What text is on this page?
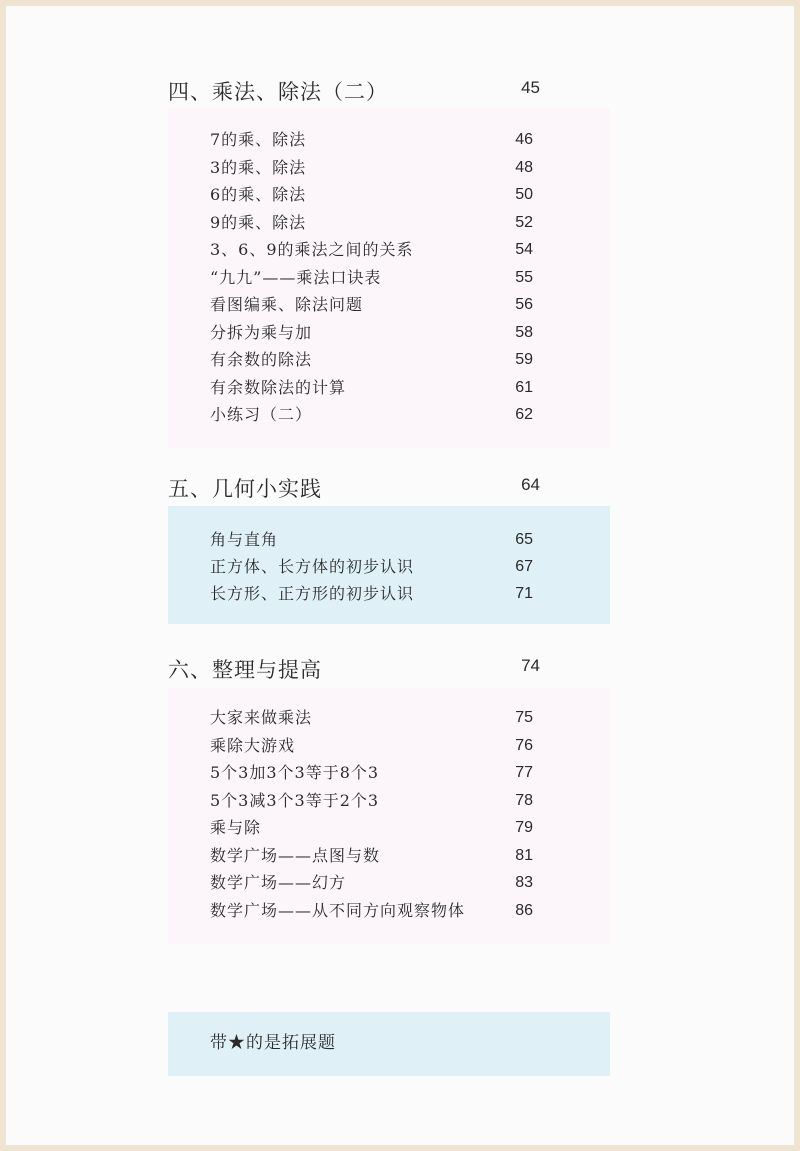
四、乘法、除法（二）	45
7的乘、除法	46
3的乘、除法	48
6的乘、除法	50
9的乘、除法	52
3、6、9的乘法之间的关系	54
“九九”——乘法口诀表	55
看图编乘、除法问题	56
分拆为乘与加	58
有余数的除法	59
有余数除法的计算	61
小练习（二）	62
五、几何小实践	64
角与直角	65
正方体、长方体的初步认识	67
长方形、正方形的初步认识	71
六、整理与提高	74
大家来做乘法	75
乘除大游戏	76
5个3加3个3等于8个3	77
5个3减3个3等于2个3	78
乘与除	79
数学广场——点图与数	81
数学广场——幻方	83
数学广场——从不同方向观察物体	86
带★的是拓展题
